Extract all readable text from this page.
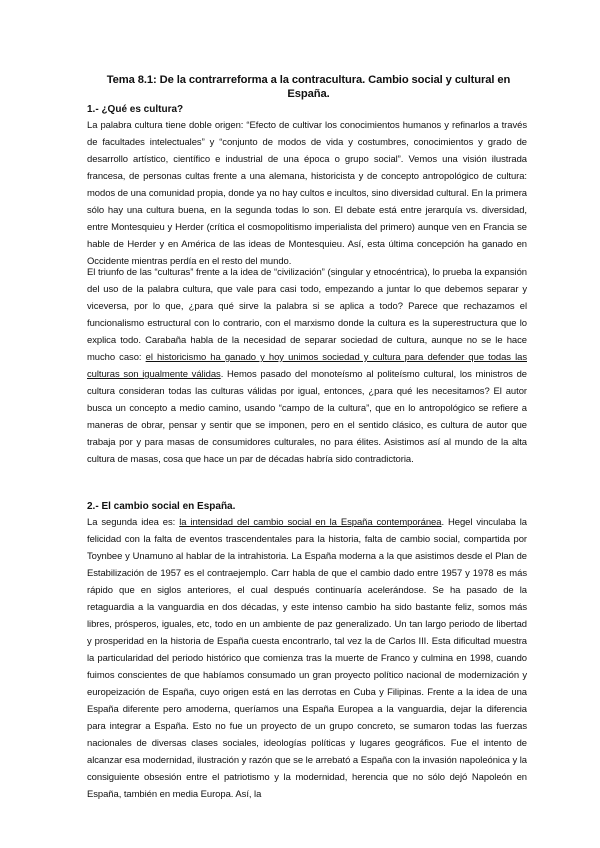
Tema 8.1: De la contrarreforma a la contracultura. Cambio social y cultural en España.
1.- ¿Qué es cultura?
La palabra cultura tiene doble origen: “Efecto de cultivar los conocimientos humanos y refinarlos a través de facultades intelectuales” y “conjunto de modos de vida y costumbres, conocimientos y grado de desarrollo artístico, científico e industrial de una época o grupo social”. Vemos una visión ilustrada francesa, de personas cultas frente a una alemana, historicista y de concepto antropológico de cultura: modos de una comunidad propia, donde ya no hay cultos e incultos, sino diversidad cultural. En la primera sólo hay una cultura buena, en la segunda todas lo son. El debate está entre jerarquía vs. diversidad, entre Montesquieu y Herder (crítica el cosmopolitismo imperialista del primero) aunque ven en Francia se hable de Herder y en América de las ideas de Montesquieu. Así, esta última concepción ha ganado en Occidente mientras perdía en el resto del mundo.
El triunfo de las “culturas” frente a la idea de “civilización” (singular y etnocéntrica), lo prueba la expansión del uso de la palabra cultura, que vale para casi todo, empezando a juntar lo que debemos separar y viceversa, por lo que, ¿para qué sirve la palabra si se aplica a todo? Parece que rechazamos el funcionalismo estructural con lo contrario, con el marxismo donde la cultura es la superestructura que lo explica todo. Carabaña habla de la necesidad de separar sociedad de cultura, aunque no se le hace mucho caso: el historicismo ha ganado y hoy unimos sociedad y cultura para defender que todas las culturas son igualmente válidas. Hemos pasado del monoteísmo al politeísmo cultural, los ministros de cultura consideran todas las culturas válidas por igual, entonces, ¿para qué les necesitamos? El autor busca un concepto a medio camino, usando “campo de la cultura”, que en lo antropológico se refiere a maneras de obrar, pensar y sentir que se imponen, pero en el sentido clásico, es cultura de autor que trabaja por y para masas de consumidores culturales, no para élites. Asistimos así al mundo de la alta cultura de masas, cosa que hace un par de décadas habría sido contradictoria.
2.- El cambio social en España.
La segunda idea es: la intensidad del cambio social en la España contemporánea. Hegel vinculaba la felicidad con la falta de eventos trascendentales para la historia, falta de cambio social, compartida por Toynbee y Unamuno al hablar de la intrahistoria. La España moderna a la que asistimos desde el Plan de Estabilización de 1957 es el contraejemplo. Carr habla de que el cambio dado entre 1957 y 1978 es más rápido que en siglos anteriores, el cual después continuaría acelerándose. Se ha pasado de la retaguardia a la vanguardia en dos décadas, y este intenso cambio ha sido bastante feliz, somos más libres, prósperos, iguales, etc, todo en un ambiente de paz generalizado. Un tan largo periodo de libertad y prosperidad en la historia de España cuesta encontrarlo, tal vez la de Carlos III. Esta dificultad muestra la particularidad del periodo histórico que comienza tras la muerte de Franco y culmina en 1998, cuando fuimos conscientes de que habíamos consumado un gran proyecto político nacional de modernización y europeización de España, cuyo origen está en las derrotas en Cuba y Filipinas. Frente a la idea de una España diferente pero amoderna, queríamos una España Europea a la vanguardia, dejar la diferencia para integrar a España. Esto no fue un proyecto de un grupo concreto, se sumaron todas las fuerzas nacionales de diversas clases sociales, ideologías políticas y lugares geográficos. Fue el intento de alcanzar esa modernidad, ilustración y razón que se le arrebató a España con la invasión napoleónica y la consiguiente obsesión entre el patriotismo y la modernidad, herencia que no sólo dejó Napoleón en España, también en media Europa. Así, la
